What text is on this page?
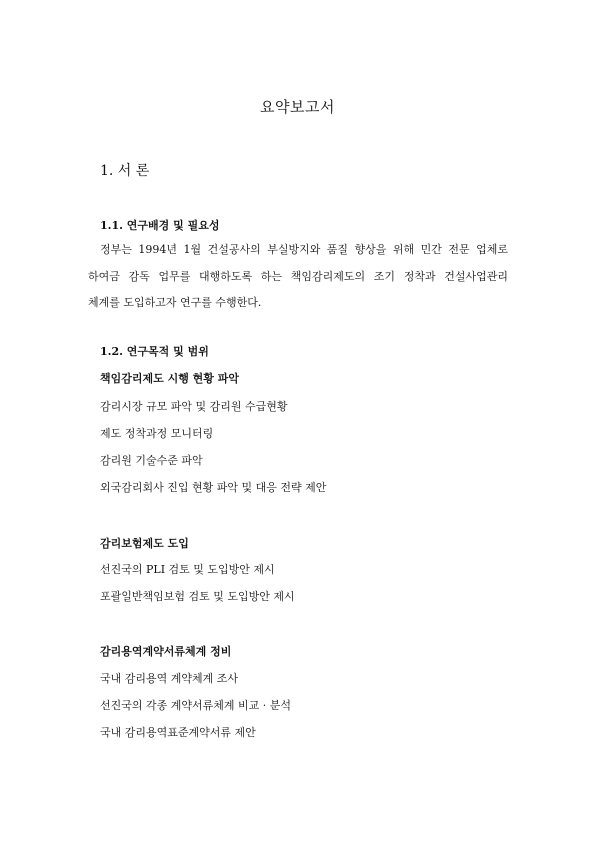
요약보고서
1. 서 론
1.1. 연구배경 및 필요성
정부는 1994년 1월 건설공사의 부실방지와 품질 향상을 위해 민간 전문 업체로
하여금 감독 업무를 대행하도록 하는 책임감리제도의 조기 정착과 건설사업관리
체계를 도입하고자 연구를 수행한다.
1.2. 연구목적 및 범위
책임감리제도 시행 현황 파악
감리시장 규모 파악 및 감리원 수급현황
제도 정착과정 모니터링
감리원 기술수준 파악
외국감리회사 진입 현황 파악 및 대응 전략 제안
감리보험제도 도입
선진국의 PLI 검토 및 도입방안 제시
포괄일반책임보험 검토 및 도입방안 제시
감리용역계약서류체계 정비
국내 감리용역 계약체계 조사
선진국의 각종 계약서류체계 비교 · 분석
국내 감리용역표준계약서류 제안
